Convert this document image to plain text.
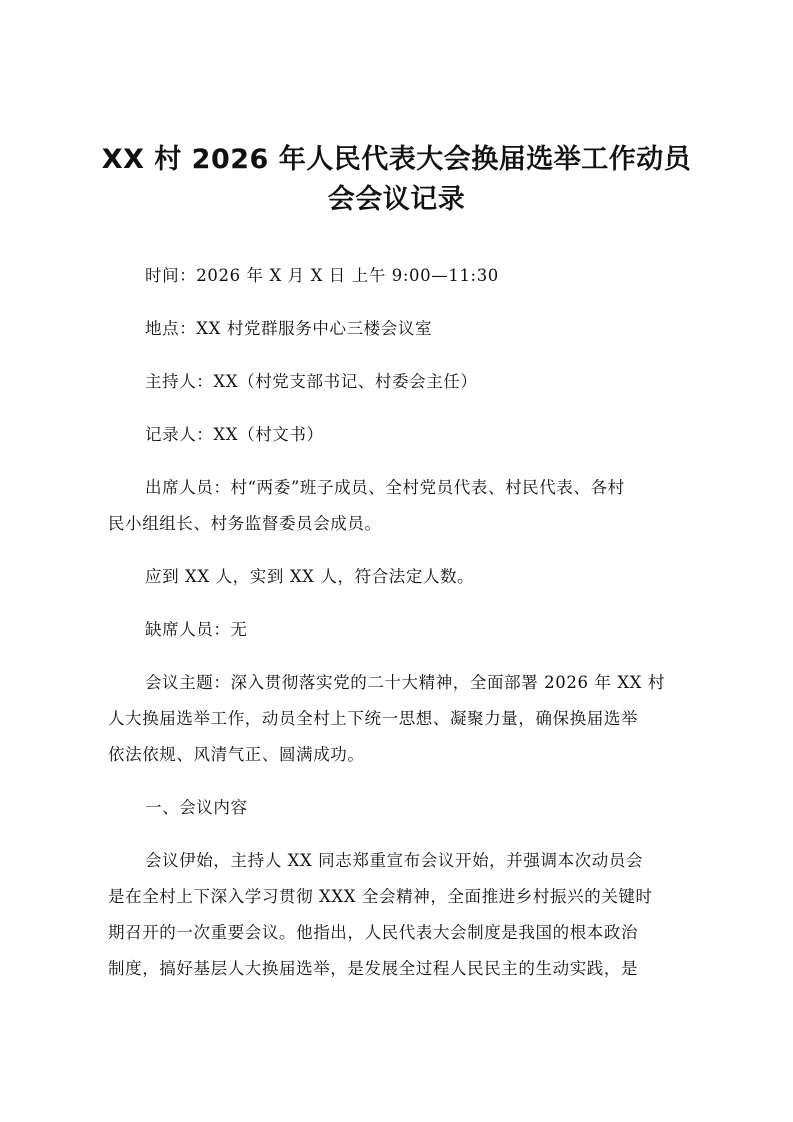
XX 村 2026 年人民代表大会换届选举工作动员
会会议记录
时间：2026 年 X 月 X 日 上午 9:00—11:30
地点：XX 村党群服务中心三楼会议室
主持人：XX（村党支部书记、村委会主任）
记录人：XX（村文书）
出席人员：村“两委”班子成员、全村党员代表、村民代表、各村
民小组组长、村务监督委员会成员。
应到 XX 人，实到 XX 人，符合法定人数。
缺席人员：无
会议主题：深入贯彻落实党的二十大精神，全面部署 2026 年 XX 村
人大换届选举工作，动员全村上下统一思想、凝聚力量，确保换届选举
依法依规、风清气正、圆满成功。
一、会议内容
会议伊始，主持人 XX 同志郑重宣布会议开始，并强调本次动员会
是在全村上下深入学习贯彻 XXX 全会精神，全面推进乡村振兴的关键时
期召开的一次重要会议。他指出，人民代表大会制度是我国的根本政治
制度，搞好基层人大换届选举，是发展全过程人民民主的生动实践，是
